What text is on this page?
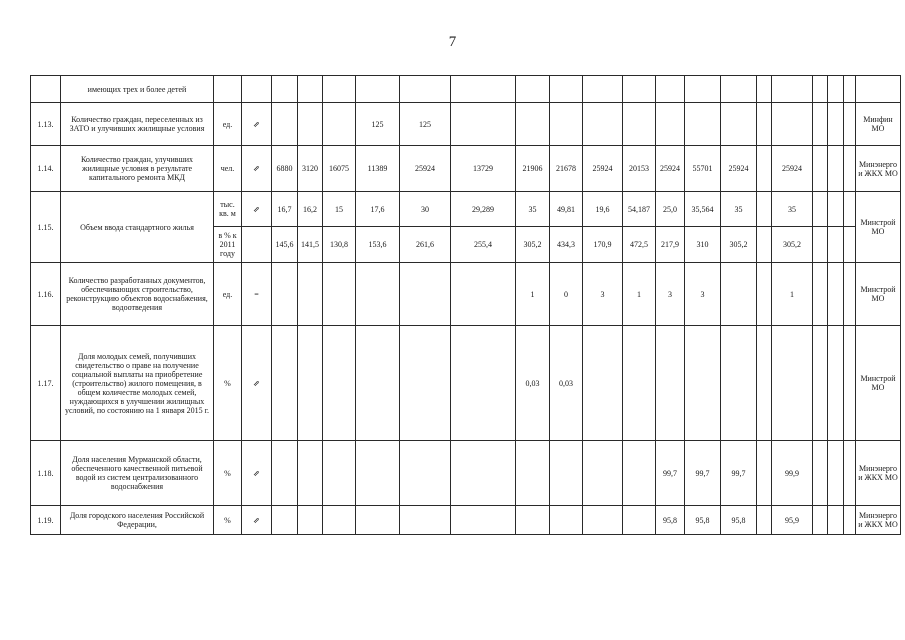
7
	имеющих трех и более детей																					
1.13.	Количество граждан, переселенных из ЗАТО и улучивших жилищные условия	ед.	⇗				125	125														Минфин МО
1.14.	Количество граждан, улучивших жилищные условия в результате капитального ремонта МКД	чел.	⇗	6880	3120	16075	11389	25924	13729	21906	21678	25924	20153	25924	55701	25924		25924				Минэнерго и ЖКХ МО
1.15.	Объем ввода стандартного жилья	тыс. кв. м	⇗	16,7	16,2	15	17,6	30	29,289	35	49,81	19,6	54,187	25,0	35,564	35		35				Минстрой МО
		в % к 2011 году		145,6	141,5	130,8	153,6	261,6	255,4	305,2	434,3	170,9	472,5	217,9	310	305,2		305,2				
1.16.	Количество разработанных документов, обеспечивающих строительство, реконструкцию объектов водоснабжения, водоотведения	ед.	=							1	0	3	1	3	3			1				Минстрой МО
1.17.	Доля молодых семей, получивших свидетельство о праве на получение социальной выплаты на приобретение (строительство) жилого помещения, в общем количестве молодых семей, нуждающихся в улучшении жилищных условий, по состоянию на 1 января 2015 г.	%	⇗							0,03	0,03											Минстрой МО
1.18.	Доля населения Мурманской области, обеспеченного качественной питьевой водой из систем централизованного водоснабжения	%	⇗											99,7	99,7	99,7		99,9				Минэнерго и ЖКХ МО
1.19.	Доля городского населения Российской Федерации,	%	⇗											95,8	95,8	95,8		95,9				Минэнерго и ЖКХ МО
